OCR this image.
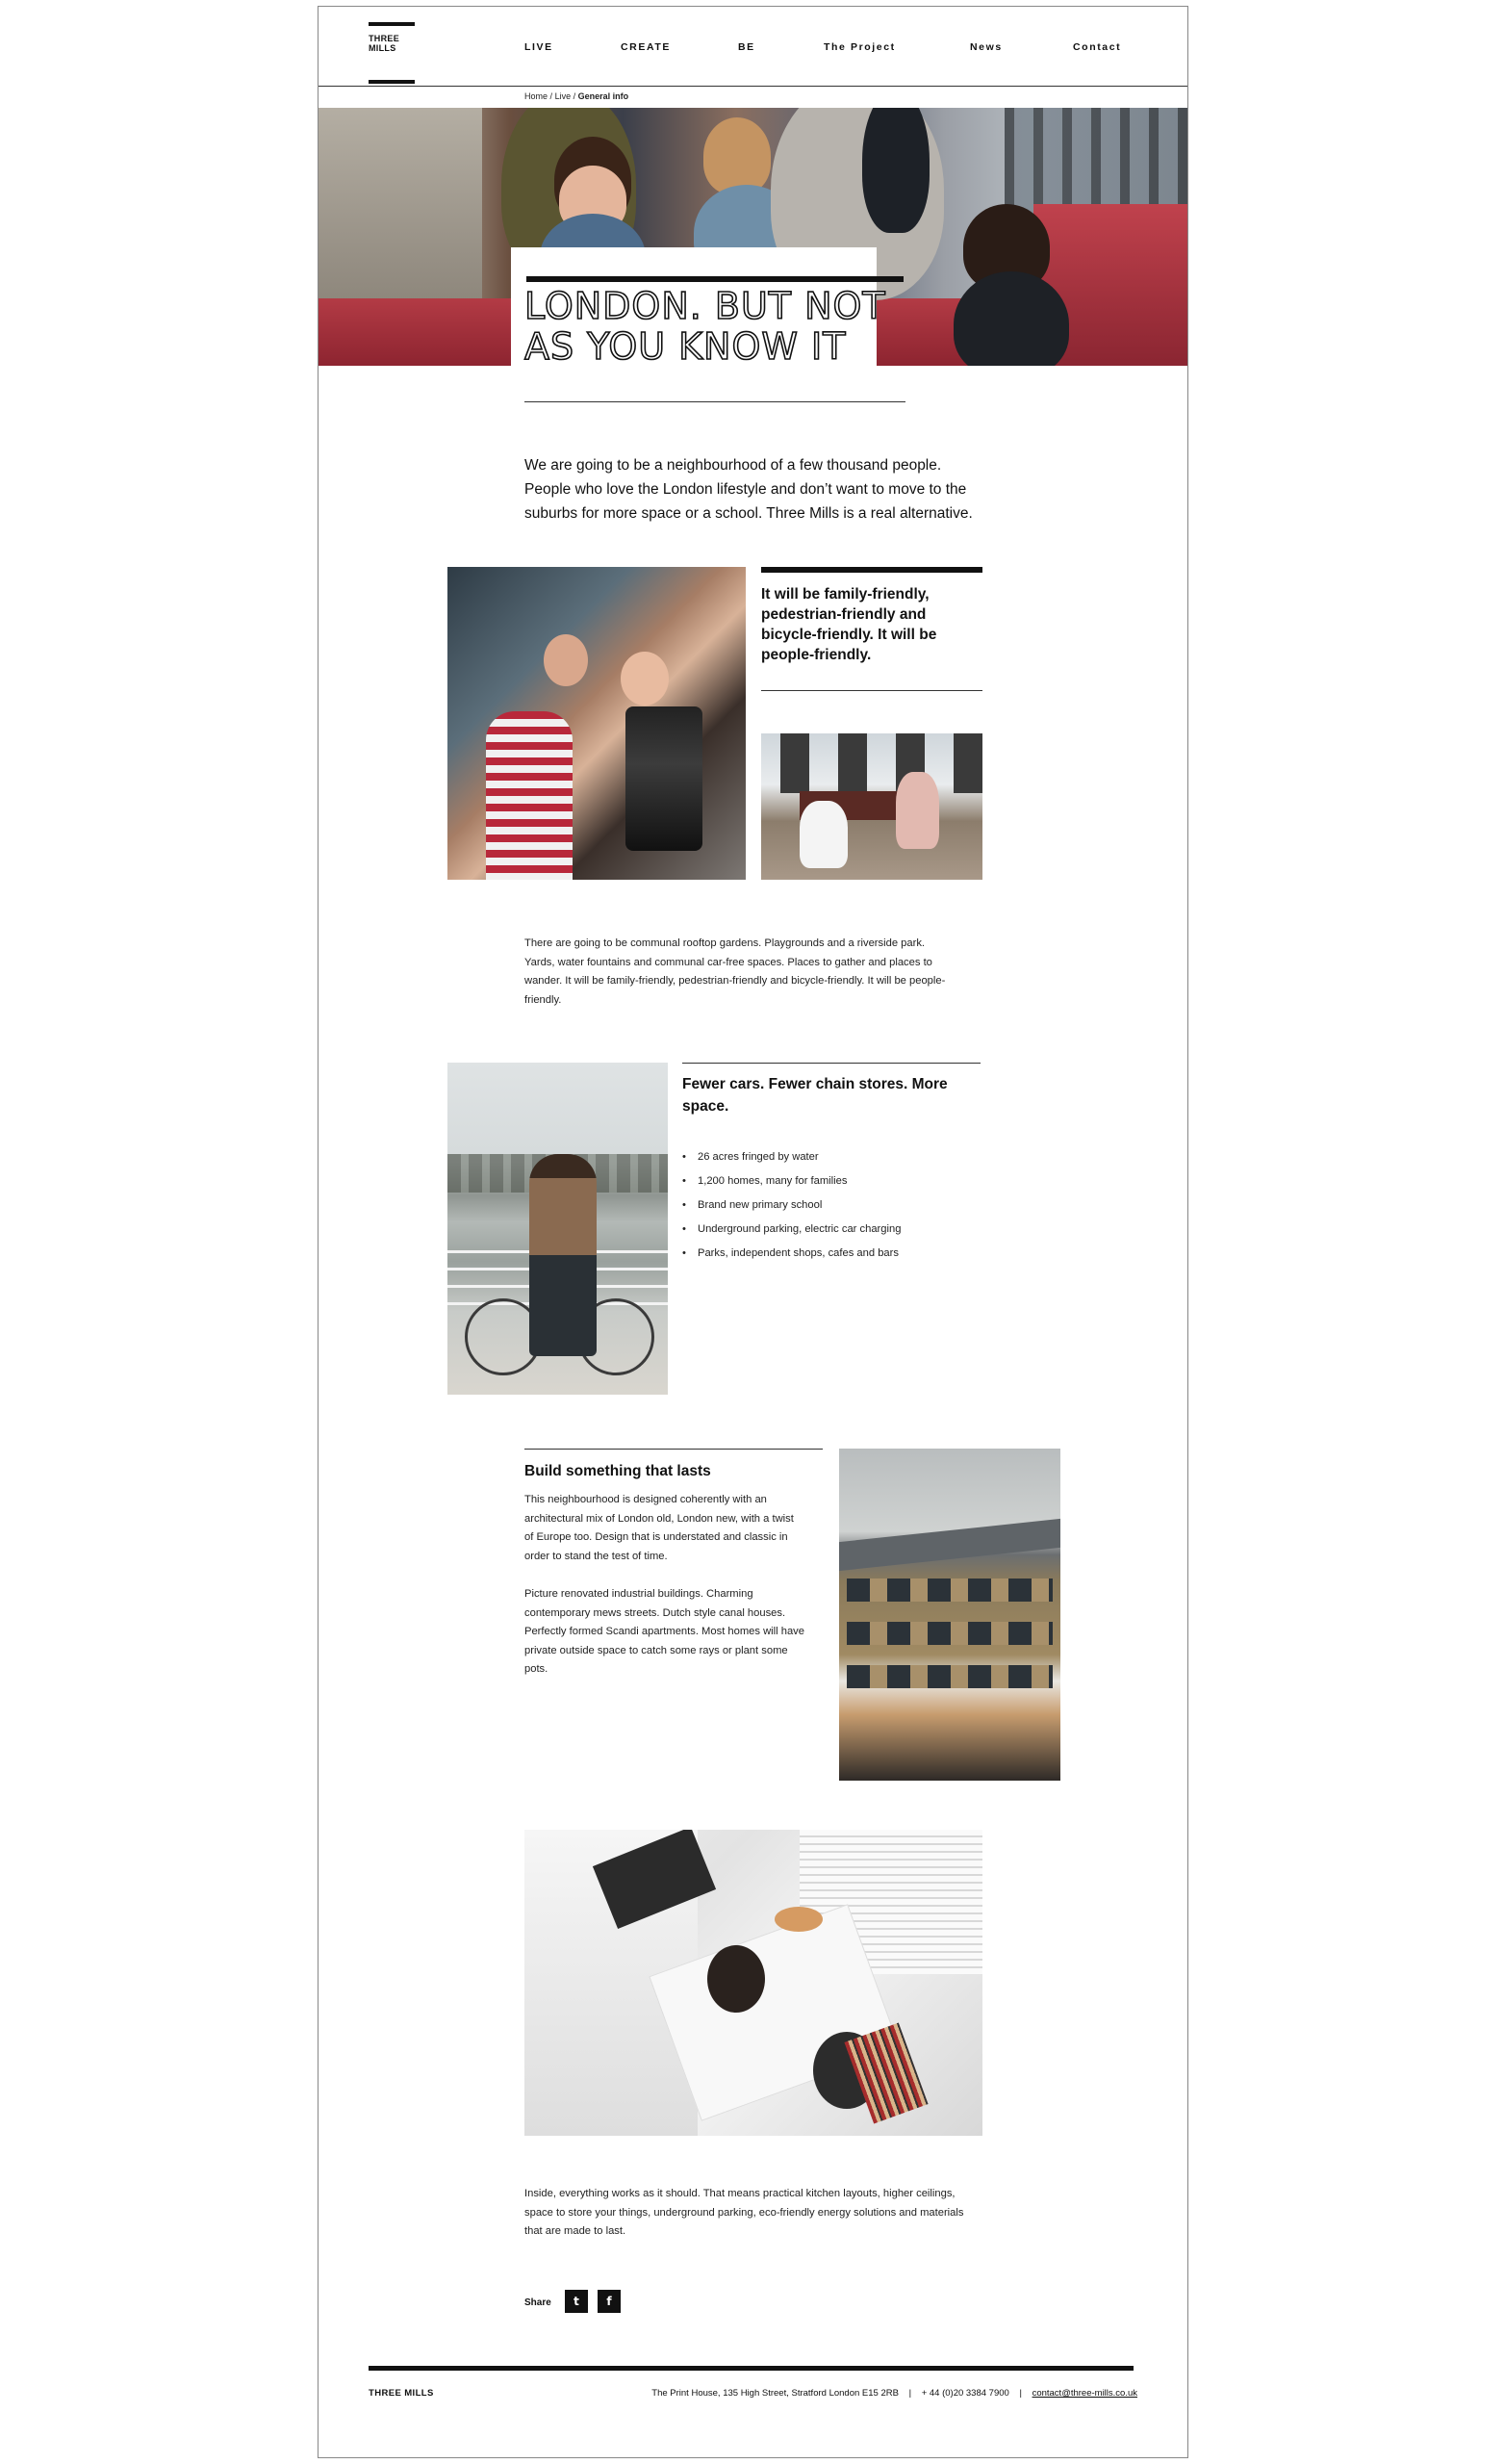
THREE
MILLS	LIVE	CREATE	BE	The Project	News	Contact
Home / Live / General info
LONDON. BUT NOT
AS YOU KNOW IT

We are going to be a neighbourhood of a few thousand people. People who love the London lifestyle and don’t want to move to the suburbs for more space or a school. Three Mills is a real alternative.

It will be family-friendly, pedestrian-friendly and bicycle-friendly. It will be people-friendly.

There are going to be communal rooftop gardens. Playgrounds and a riverside park. Yards, water fountains and communal car-free spaces. Places to gather and places to wander. It will be family-friendly, pedestrian-friendly and bicycle-friendly. It will be people-friendly.

Fewer cars. Fewer chain stores. More space.
• 26 acres fringed by water
• 1,200 homes, many for families
• Brand new primary school
• Underground parking, electric car charging
• Parks, independent shops, cafes and bars
Build something that lasts

This neighbourhood is designed coherently with an architectural mix of London old, London new, with a twist of Europe too. Design that is understated and classic in order to stand the test of time.

Picture renovated industrial buildings. Charming contemporary mews streets. Dutch style canal houses. Perfectly formed Scandi apartments. Most homes will have private outside space to catch some rays or plant some pots.

Inside, everything works as it should. That means practical kitchen layouts, higher ceilings, space to store your things, underground parking, eco-friendly energy solutions and materials that are made to last.

Share	t	f
THREE MILLS	The Print House, 135 High Street, Stratford London E15 2RB | + 44 (0)20 3384 7900 | contact@three-mills.co.uk
